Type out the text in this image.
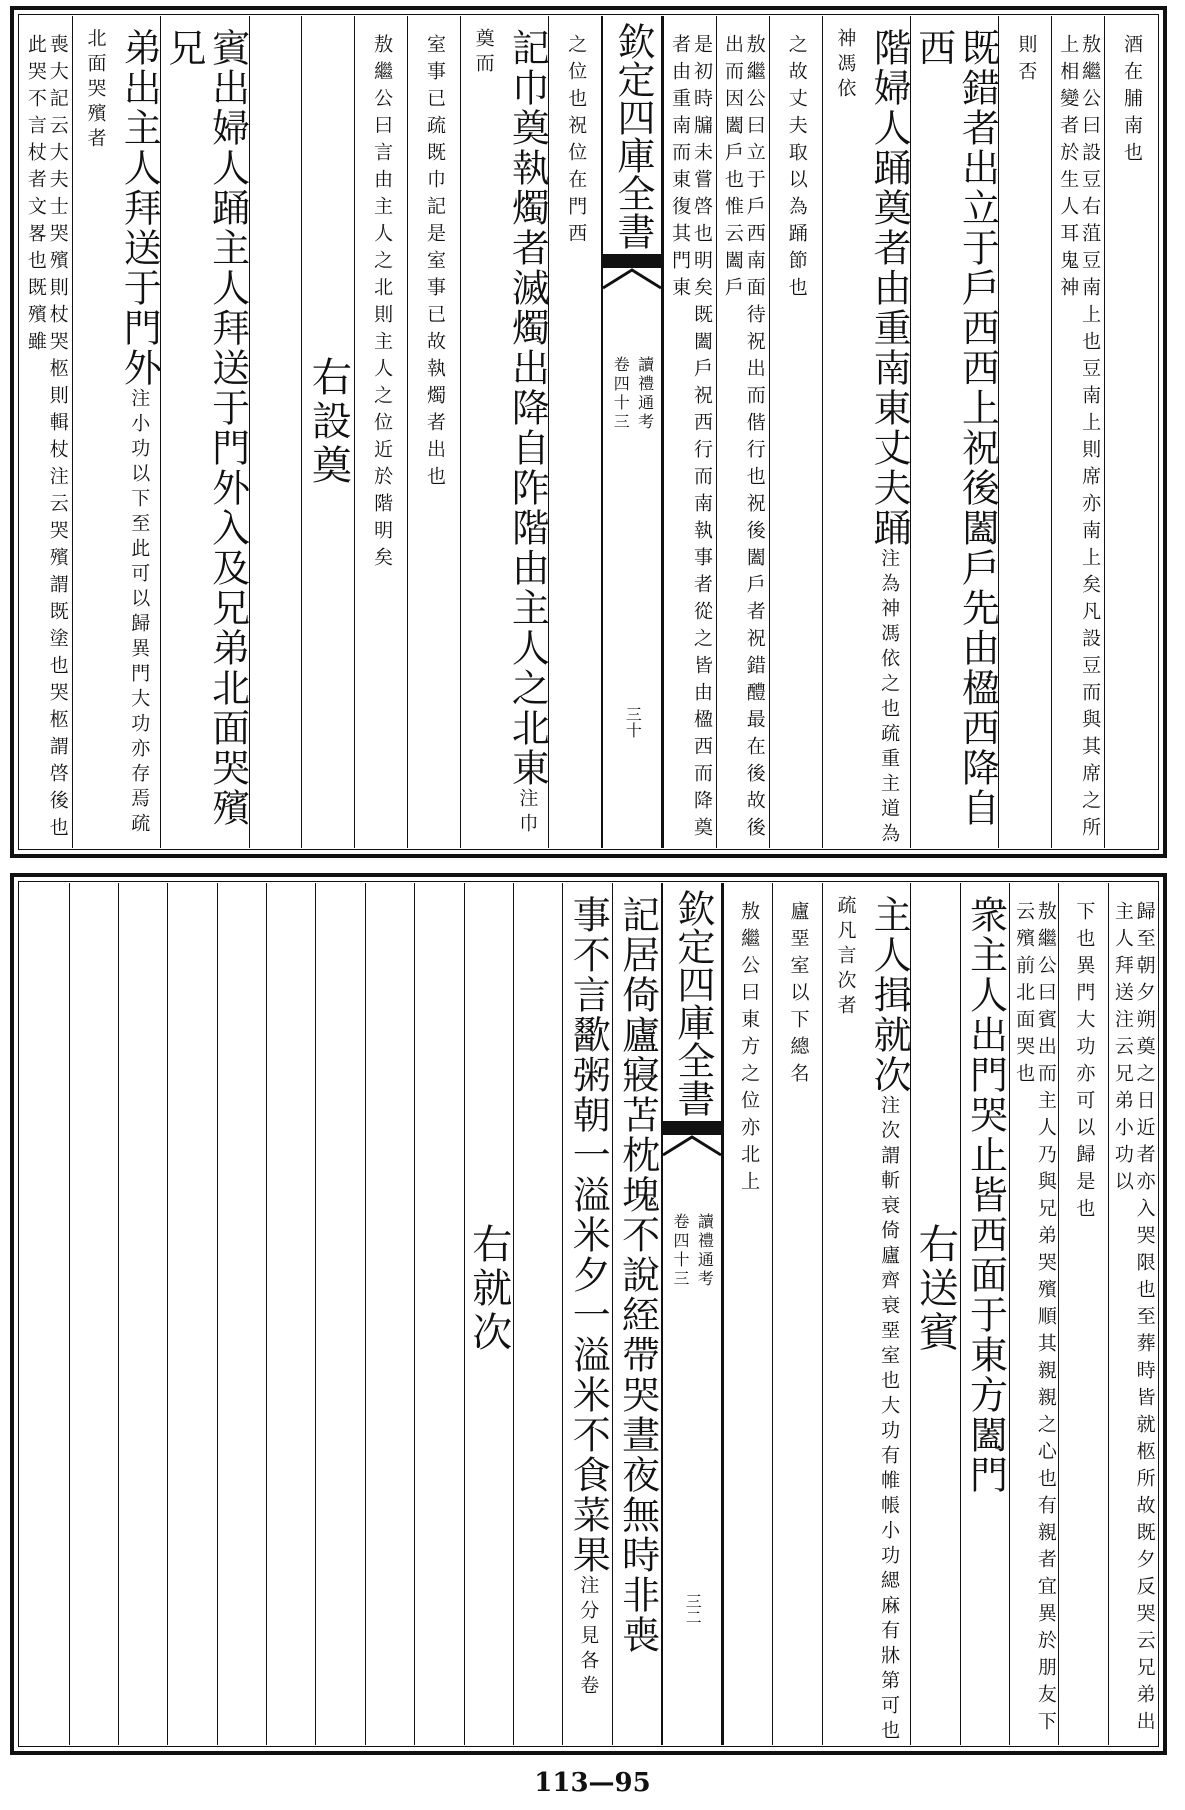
酒在脯南也
敖繼公曰設豆右菹豆南上也豆南上則席亦南上矣凡設豆而與其席之所上相變者於生人耳鬼神
則否
既錯者出立于戶西西上祝後闔戶先由楹西降自西
階婦人踊奠者由重南東丈夫踊注為神馮依之也疏重主道為神馮依
之故丈夫取以為踊節也
敖繼公曰立于戶西南面待祝出而偕行也祝後闔戶者祝錯醴最在後故後出而因闔戶也惟云闔戶
是初時牖未嘗啓也明矣既闔戶祝西行而南執事者從之皆由楹西而降奠者由重南而東復其門東
欽定四庫全書
讀禮通考
卷四十三
三十
之位也祝位在門西
記巾奠執燭者滅燭出降自阼階由主人之北東注巾奠而
室事已疏既巾記是室事已故執燭者出也
敖繼公曰言由主人之北則主人之位近於階明矣
右設奠
賓出婦人踊主人拜送于門外入及兄弟北面哭殯兄
弟出主人拜送于門外注小功以下至此可以歸異門大功亦存焉疏北面哭殯者
喪大記云大夫士哭殯則杖哭柩則輯杖注云哭殯謂既塗也哭柩謂啓後也此哭不言杖者文畧也既殯雖
歸至朝夕朔奠之日近者亦入哭限也至葬時皆就柩所故既夕反哭云兄弟出主人拜送注云兄弟小功以
下也異門大功亦可以歸是也
敖繼公曰賓出而主人乃與兄弟哭殯順其親親之心也有親者宜異於朋友下云殯前北面哭也
衆主人出門哭止皆西面于東方闔門
右送賓
主人揖就次注次謂斬衰倚廬齊衰堊室也大功有帷帳小功緦麻有牀第可也疏凡言次者
廬堊室以下總名
敖繼公曰東方之位亦北上
欽定四庫全書
讀禮通考
卷四十三
三二
記居倚廬寢苫枕塊不說絰帶哭晝夜無時非喪
事不言歠粥朝一溢米夕一溢米不食菜果注分見各卷
右就次
113—95
